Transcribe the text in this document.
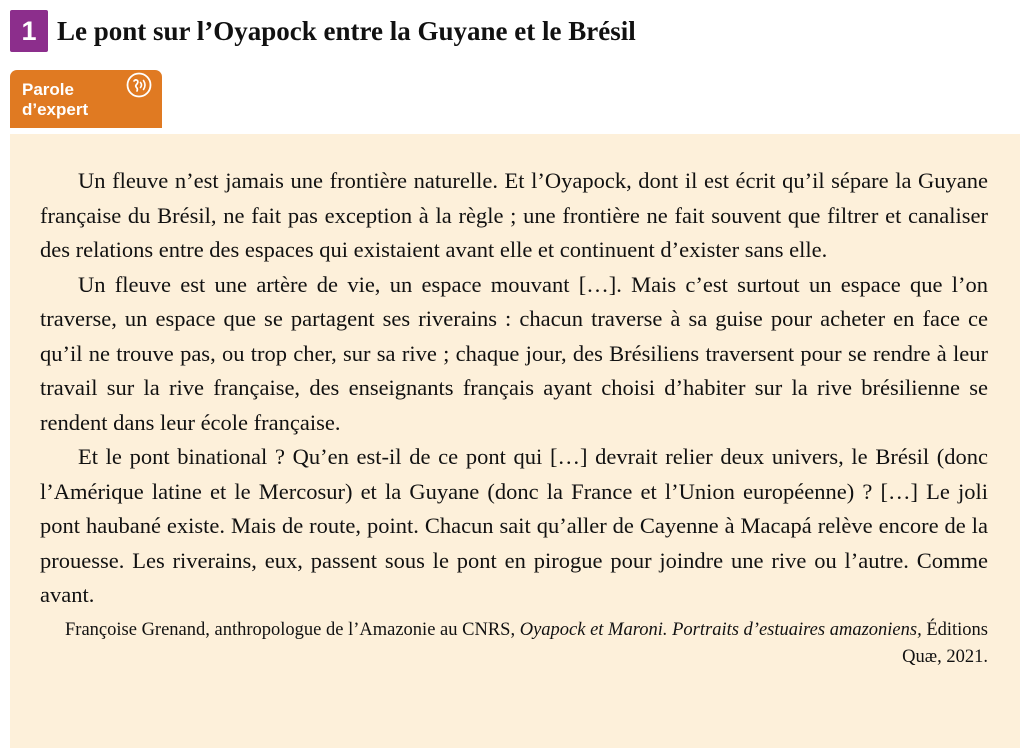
1 Le pont sur l’Oyapock entre la Guyane et le Brésil
Parole
d’expert

Un fleuve n’est jamais une frontière naturelle. Et l’Oyapock, dont il est écrit qu’il sépare la Guyane française du Brésil, ne fait pas exception à la règle ; une frontière ne fait souvent que filtrer et canaliser des relations entre des espaces qui existaient avant elle et continuent d’exister sans elle.

Un fleuve est une artère de vie, un espace mouvant […]. Mais c’est surtout un espace que l’on traverse, un espace que se partagent ses riverains : chacun traverse à sa guise pour acheter en face ce qu’il ne trouve pas, ou trop cher, sur sa rive ; chaque jour, des Brésiliens traversent pour se rendre à leur travail sur la rive française, des enseignants français ayant choisi d’habiter sur la rive brésilienne se rendent dans leur école française.

Et le pont binational ? Qu’en est-il de ce pont qui […] devrait relier deux univers, le Brésil (donc l’Amérique latine et le Mercosur) et la Guyane (donc la France et l’Union européenne) ? […] Le joli pont haubané existe. Mais de route, point. Chacun sait qu’aller de Cayenne à Macapá relève encore de la prouesse. Les riverains, eux, passent sous le pont en pirogue pour joindre une rive ou l’autre. Comme avant.

Françoise Grenand, anthropologue de l’Amazonie au CNRS, Oyapock et Maroni. Portraits d’estuaires amazoniens, Éditions Quæ, 2021.
